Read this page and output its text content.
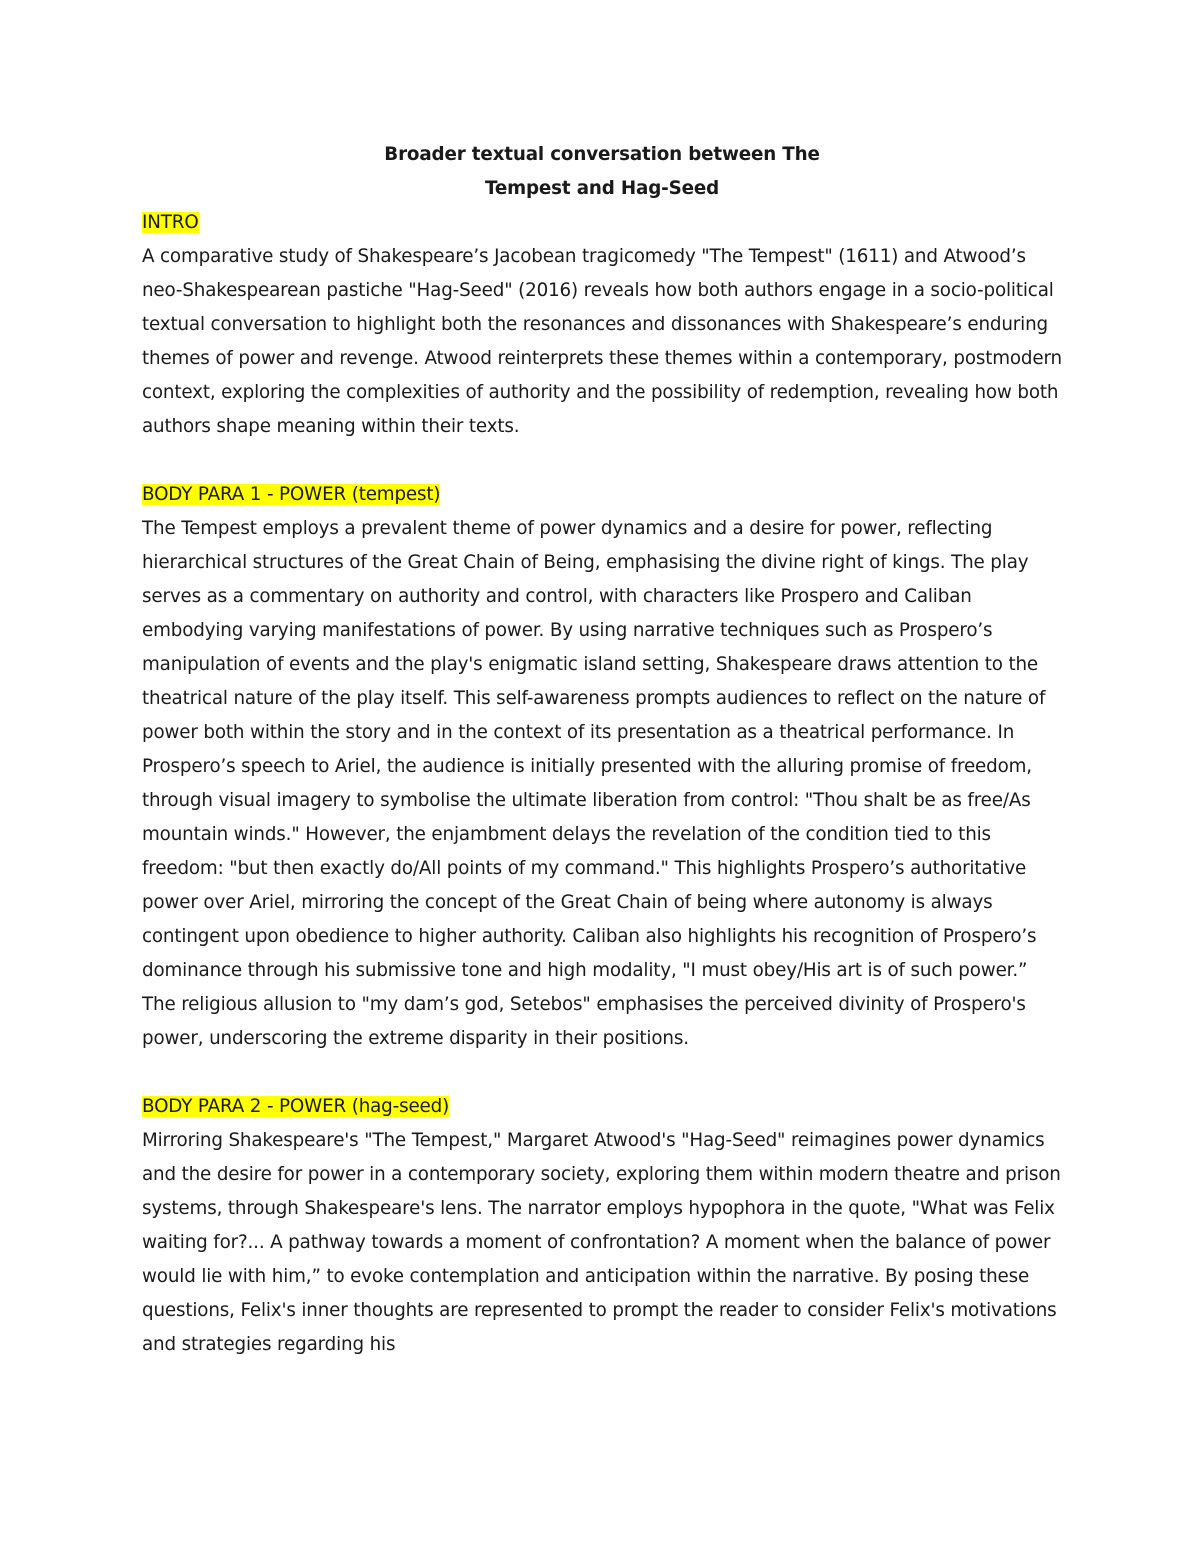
Broader textual conversation between The

Tempest and Hag-Seed

INTRO

A comparative study of Shakespeare’s Jacobean tragicomedy "The Tempest" (1611) and Atwood’s neo-Shakespearean pastiche "Hag-Seed" (2016) reveals how both authors engage in a socio-political textual conversation to highlight both the resonances and dissonances with Shakespeare’s enduring themes of power and revenge. Atwood reinterprets these themes within a contemporary, postmodern context, exploring the complexities of authority and the possibility of redemption, revealing how both authors shape meaning within their texts.

BODY PARA 1 - POWER (tempest)

The Tempest employs a prevalent theme of power dynamics and a desire for power, reflecting hierarchical structures of the Great Chain of Being, emphasising the divine right of kings. The play serves as a commentary on authority and control, with characters like Prospero and Caliban embodying varying manifestations of power. By using narrative techniques such as Prospero’s manipulation of events and the play's enigmatic island setting, Shakespeare draws attention to the theatrical nature of the play itself. This self-awareness prompts audiences to reflect on the nature of power both within the story and in the context of its presentation as a theatrical performance. In Prospero’s speech to Ariel, the audience is initially presented with the alluring promise of freedom, through visual imagery to symbolise the ultimate liberation from control: "Thou shalt be as free/As mountain winds." However, the enjambment delays the revelation of the condition tied to this freedom: "but then exactly do/All points of my command." This highlights Prospero’s authoritative power over Ariel, mirroring the concept of the Great Chain of being where autonomy is always contingent upon obedience to higher authority. Caliban also highlights his recognition of Prospero’s dominance through his submissive tone and high modality, "I must obey/His art is of such power.” The religious allusion to "my dam’s god, Setebos" emphasises the perceived divinity of Prospero's power, underscoring the extreme disparity in their positions.

BODY PARA 2 - POWER (hag-seed)

Mirroring Shakespeare's "The Tempest," Margaret Atwood's "Hag-Seed" reimagines power dynamics and the desire for power in a contemporary society, exploring them within modern theatre and prison systems, through Shakespeare's lens. The narrator employs hypophora in the quote, "What was Felix waiting for?... A pathway towards a moment of confrontation? A moment when the balance of power would lie with him,” to evoke contemplation and anticipation within the narrative. By posing these questions, Felix's inner thoughts are represented to prompt the reader to consider Felix's motivations and strategies regarding his
